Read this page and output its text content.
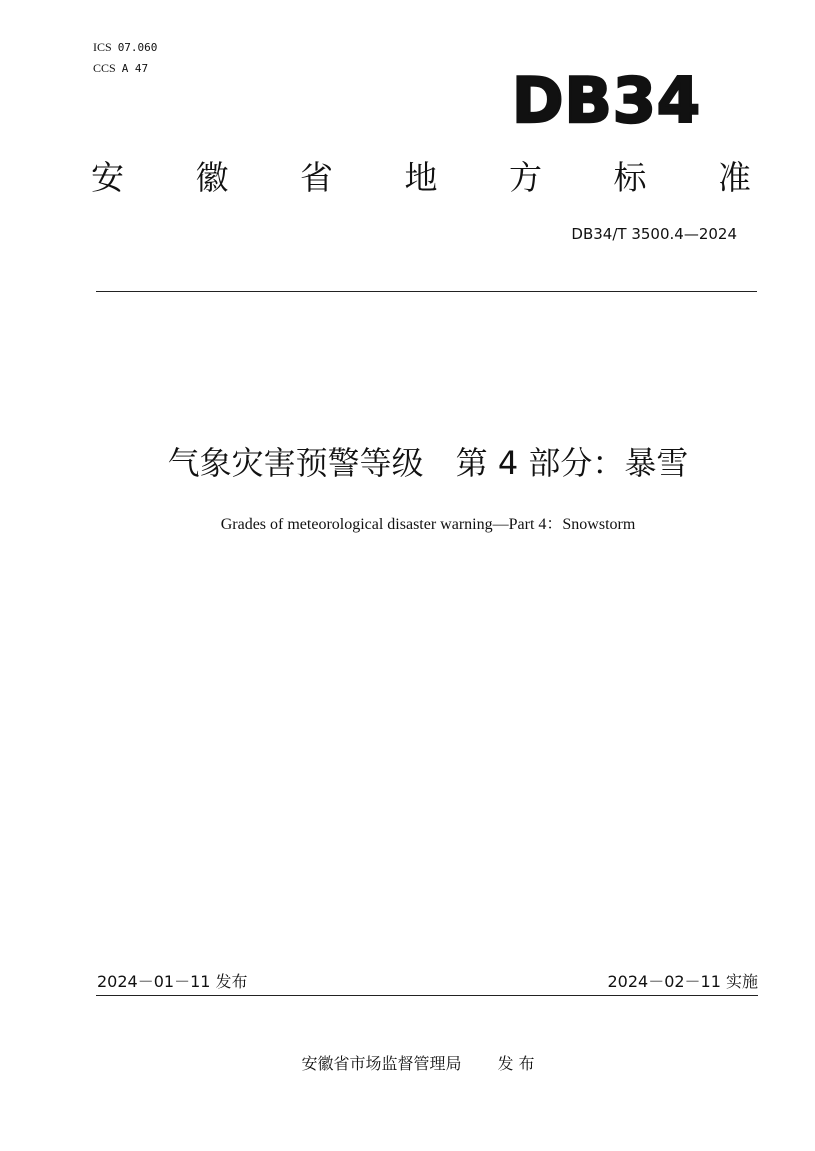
ICS 07.060
CCS A 47	DB34
安 徽 省 地 方 标 准
DB34/T 3500.4—2024
气象灾害预警等级　第 4 部分：暴雪
Grades of meteorological disaster warning—Part 4：Snowstorm
2024－01－11 发布	2024－02－11 实施
安徽省市场监督管理局 发 布
